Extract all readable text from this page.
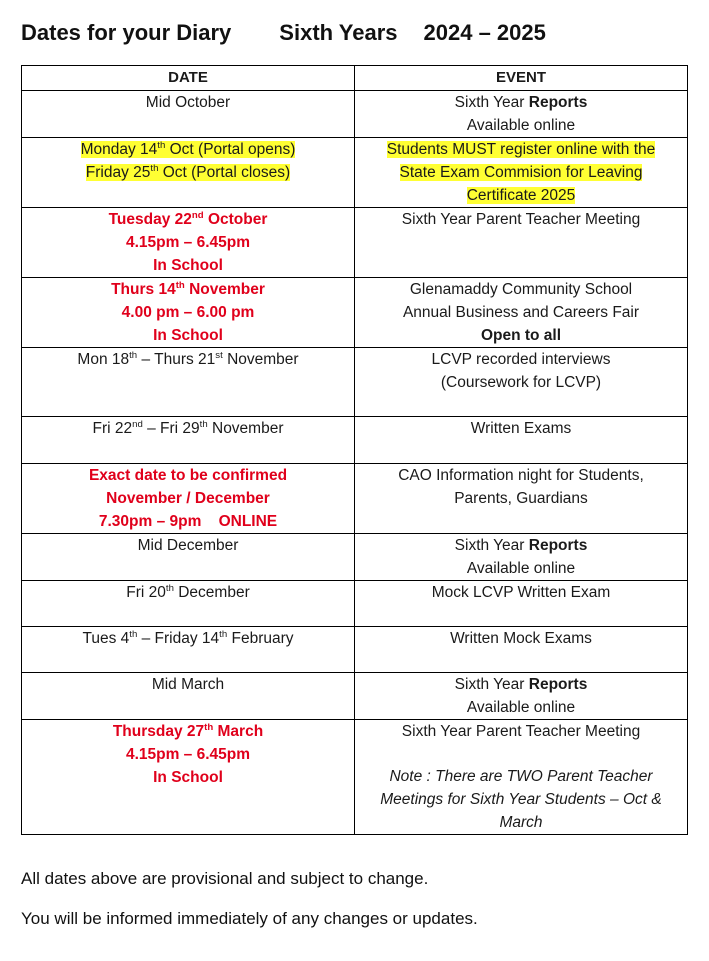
Dates for your Diary Sixth Years 2024 – 2025
DATE	EVENT

Mid October	Sixth Year Reports
Available online

Monday 14th Oct (Portal opens)
Friday 25th Oct (Portal closes)	Students MUST register online with the
State Exam Commision for Leaving
Certificate 2025

Tuesday 22nd October
4.15pm – 6.45pm
In School	Sixth Year Parent Teacher Meeting

Thurs 14th November
4.00 pm – 6.00 pm
In School	Glenamaddy Community School
Annual Business and Careers Fair
Open to all

Mon 18th – Thurs 21st November	LCVP recorded interviews
(Coursework for LCVP)

Fri 22nd – Fri 29th November	Written Exams

Exact date to be confirmed
November / December
7.30pm – 9pm    ONLINE	CAO Information night for Students,
Parents, Guardians

Mid December	Sixth Year Reports
Available online

Fri 20th December	Mock LCVP Written Exam

Tues 4th – Friday 14th February	Written Mock Exams

Mid March	Sixth Year Reports
Available online

Thursday 27th March
4.15pm – 6.45pm
In School	Sixth Year Parent Teacher Meeting
Note : There are TWO Parent Teacher
Meetings for Sixth Year Students – Oct &
March
All dates above are provisional and subject to change.
You will be informed immediately of any changes or updates.
